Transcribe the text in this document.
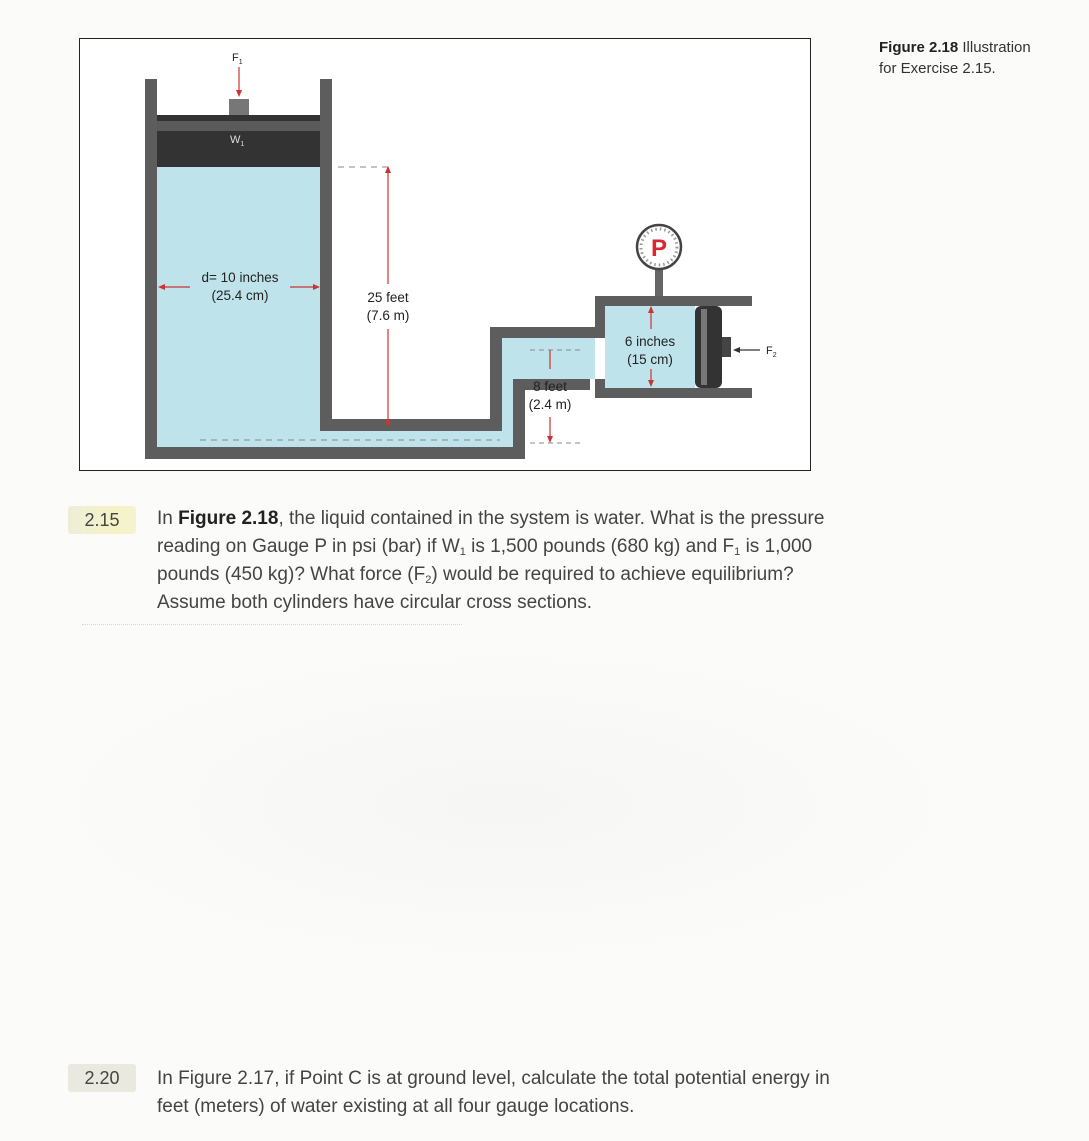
$F_1$
$W_1$
d= 10 inches
(25.4 cm)	25 feet
(7.6 m)
8 feet
(2.4 m)
6 inches
(15 cm)
P
$F_2$
Figure 2.18 Illustration
for Exercise 2.15.
2.15	In Figure 2.18, the liquid contained in the system is water. What is the pressure reading on Gauge P in psi (bar) if $W_1$ is 1,500 pounds (680 kg) and $F_1$ is 1,000 pounds (450 kg)? What force $(F_2)$ would be required to achieve equilibrium? Assume both cylinders have circular cross sections.

2.20	In Figure 2.17, if Point C is at ground level, calculate the total potential energy in feet (meters) of water existing at all four gauge locations.
